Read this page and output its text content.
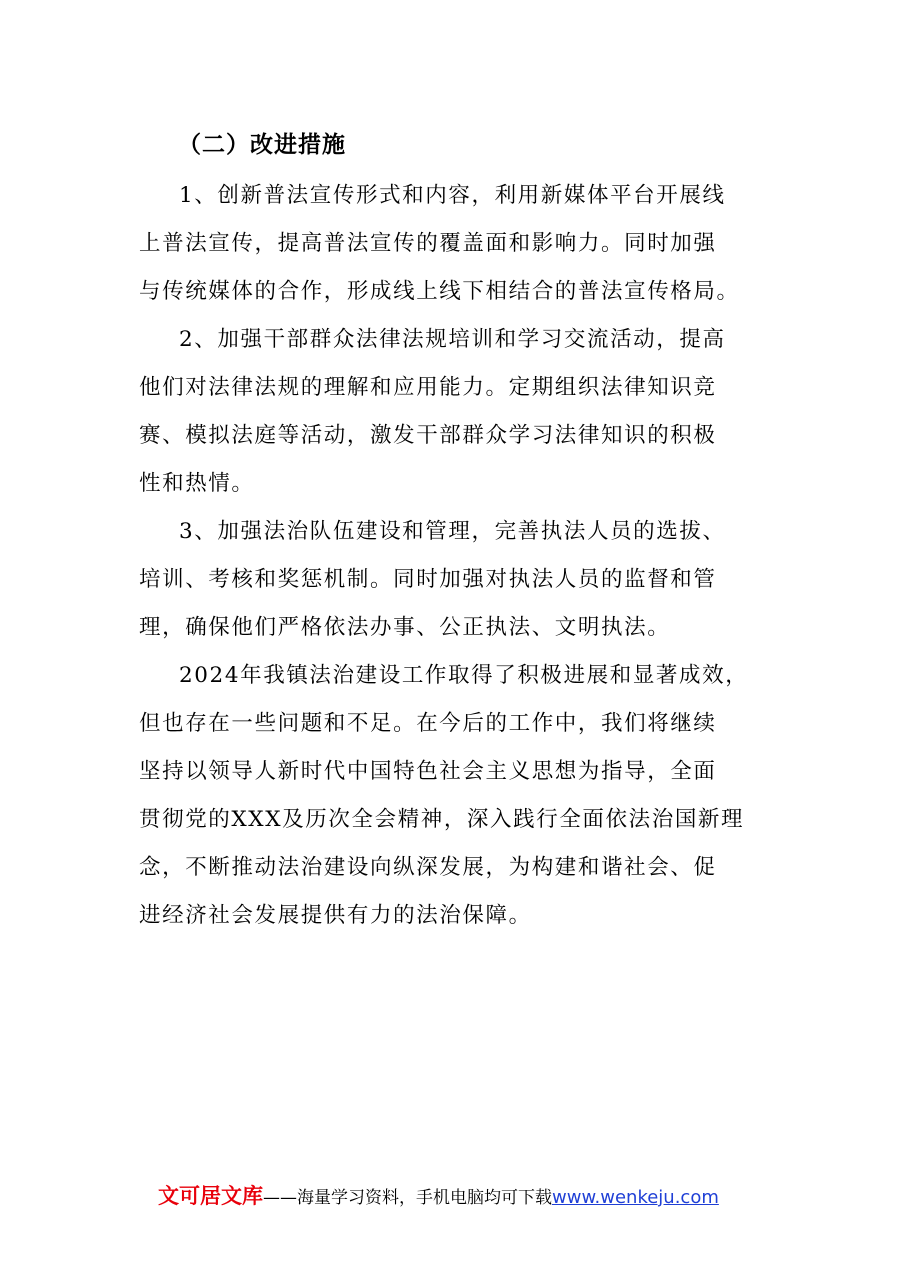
（二）改进措施
1、创新普法宣传形式和内容，利用新媒体平台开展线
上普法宣传，提高普法宣传的覆盖面和影响力。同时加强
与传统媒体的合作，形成线上线下相结合的普法宣传格局。
2、加强干部群众法律法规培训和学习交流活动，提高
他们对法律法规的理解和应用能力。定期组织法律知识竞
赛、模拟法庭等活动，激发干部群众学习法律知识的积极
性和热情。
3、加强法治队伍建设和管理，完善执法人员的选拔、
培训、考核和奖惩机制。同时加强对执法人员的监督和管
理，确保他们严格依法办事、公正执法、文明执法。
2024年我镇法治建设工作取得了积极进展和显著成效，
但也存在一些问题和不足。在今后的工作中，我们将继续
坚持以领导人新时代中国特色社会主义思想为指导，全面
贯彻党的XXX及历次全会精神，深入践行全面依法治国新理
念，不断推动法治建设向纵深发展，为构建和谐社会、促
进经济社会发展提供有力的法治保障。
文可居文库 ——海量学习资料，手机电脑均可下载 www.wenkeju.com
